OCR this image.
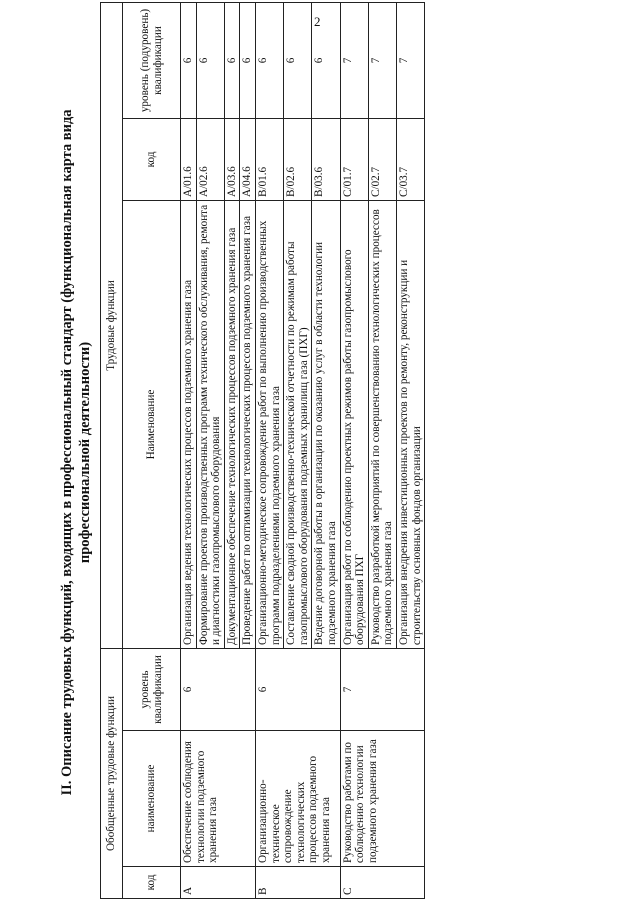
2
II. Описание трудовых функций, входящих в профессиональный стандарт (функциональная карта вида профессиональной деятельности)
Обобщенные трудовые функции			Трудовые функции		
код	наименование	уровень квалификации	Наименование	код	уровень (подуровень) квалификации
A	Обеспечение соблюдения технологии подземного хранения газа	6	Организация ведения технологических процессов подземного хранения газа	A/01.6	6
			Формирование проектов производственных программ технического обслуживания, ремонта и диагностики газопромыслового оборудования	A/02.6	6
			Документационное обеспечение технологических процессов подземного хранения газа	A/03.6	6
			Проведение работ по оптимизации технологических процессов подземного хранения газа	A/04.6	6
B	Организационно-техническое сопровождение технологических процессов подземного хранения газа	6	Организационно-методическое сопровождение работ по выполнению производственных программ подразделениями подземного хранения газа	B/01.6	6
			Составление сводной производственно-технической отчетности по режимам работы газопромыслового оборудования подземных хранилищ газа (ПХГ)	B/02.6	6
			Ведение договорной работы в организации по оказанию услуг в области технологии подземного хранения газа	B/03.6	6
C	Руководство работами по соблюдению технологии подземного хранения газа	7	Организация работ по соблюдению проектных режимов работы газопромыслового оборудования ПХГ	C/01.7	7
			Руководство разработкой мероприятий по совершенствованию технологических процессов подземного хранения газа	C/02.7	7
			Организация внедрения инвестиционных проектов по ремонту, реконструкции и строительству основных фондов организации	C/03.7	7
